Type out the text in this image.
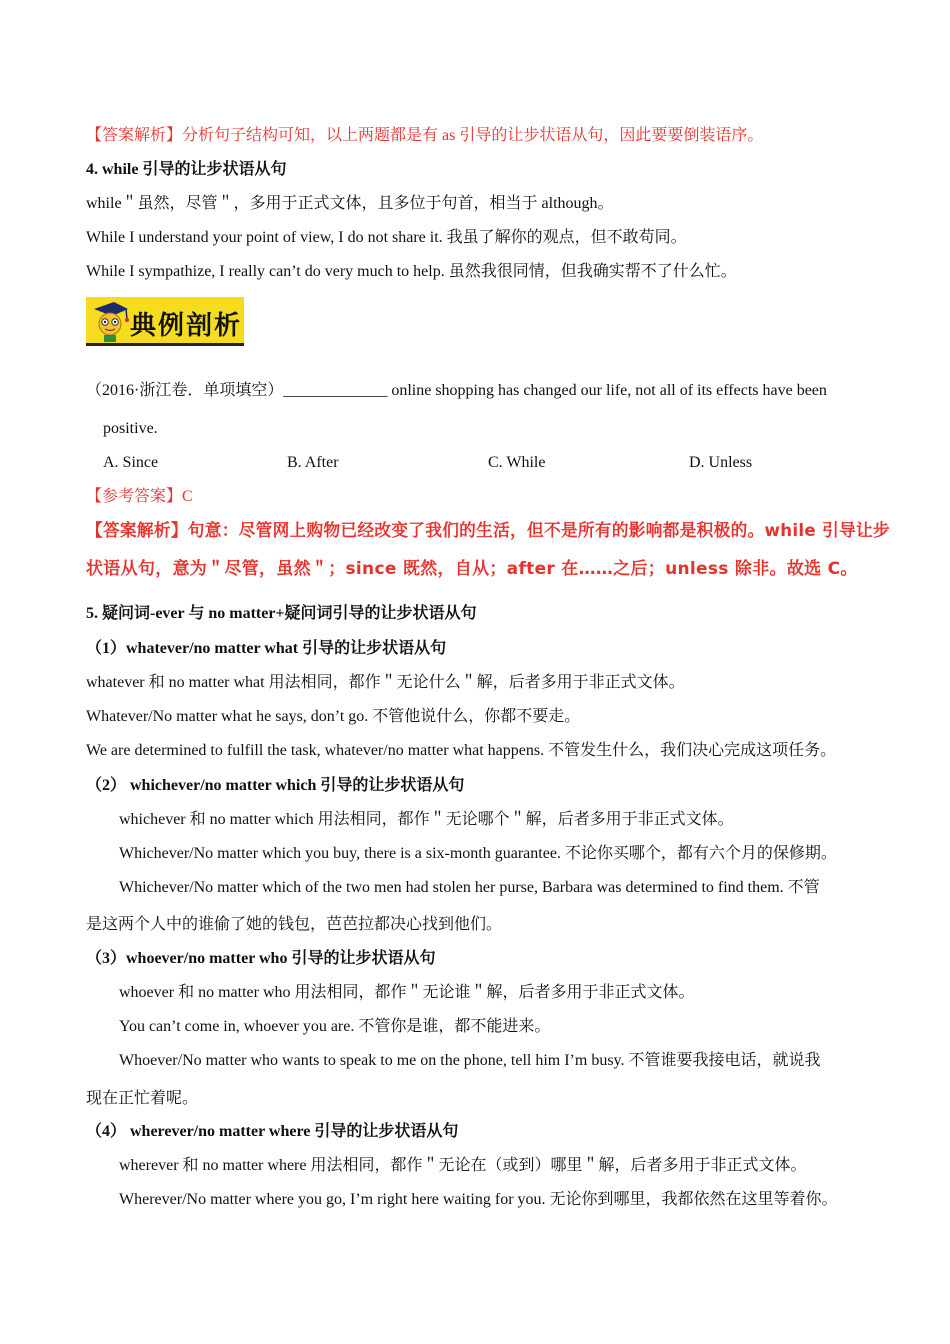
【答案解析】分析句子结构可知，以上两题都是有 as 引导的让步状语从句，因此要要倒装语序。
4. while 引导的让步状语从句
while＂虽然，尽管＂，多用于正式文体，且多位于句首，相当于 although。
While I understand your point of view, I do not share it. 我虽了解你的观点，但不敢苟同。
While I sympathize, I really can’t do very much to help. 虽然我很同情，但我确实帮不了什么忙。
典例剖析
（2016·浙江卷．单项填空）_____________ online shopping has changed our life, not all of its effects have been
positive.
A. Since	B. After	C. While	D. Unless
【参考答案】C
【答案解析】句意：尽管网上购物已经改变了我们的生活，但不是所有的影响都是积极的。while 引导让步
状语从句，意为＂尽管，虽然＂；since 既然，自从；after 在……之后；unless 除非。故选 C。
5. 疑问词-ever 与 no matter+疑问词引导的让步状语从句
（1）whatever/no matter what 引导的让步状语从句
whatever 和 no matter what 用法相同，都作＂无论什么＂解，后者多用于非正式文体。
Whatever/No matter what he says, don’t go. 不管他说什么，你都不要走。
We are determined to fulfill the task, whatever/no matter what happens. 不管发生什么，我们决心完成这项任务。
（2） whichever/no matter which 引导的让步状语从句
whichever 和 no matter which 用法相同，都作＂无论哪个＂解，后者多用于非正式文体。
Whichever/No matter which you buy, there is a six-month guarantee. 不论你买哪个，都有六个月的保修期。
Whichever/No matter which of the two men had stolen her purse, Barbara was determined to find them. 不管
是这两个人中的谁偷了她的钱包，芭芭拉都决心找到他们。
（3）whoever/no matter who 引导的让步状语从句
whoever 和 no matter who 用法相同，都作＂无论谁＂解，后者多用于非正式文体。
You can’t come in, whoever you are. 不管你是谁，都不能进来。
Whoever/No matter who wants to speak to me on the phone, tell him I’m busy. 不管谁要我接电话，就说我
现在正忙着呢。
（4） wherever/no matter where 引导的让步状语从句
wherever 和 no matter where 用法相同，都作＂无论在（或到）哪里＂解，后者多用于非正式文体。
Wherever/No matter where you go, I’m right here waiting for you. 无论你到哪里，我都依然在这里等着你。
